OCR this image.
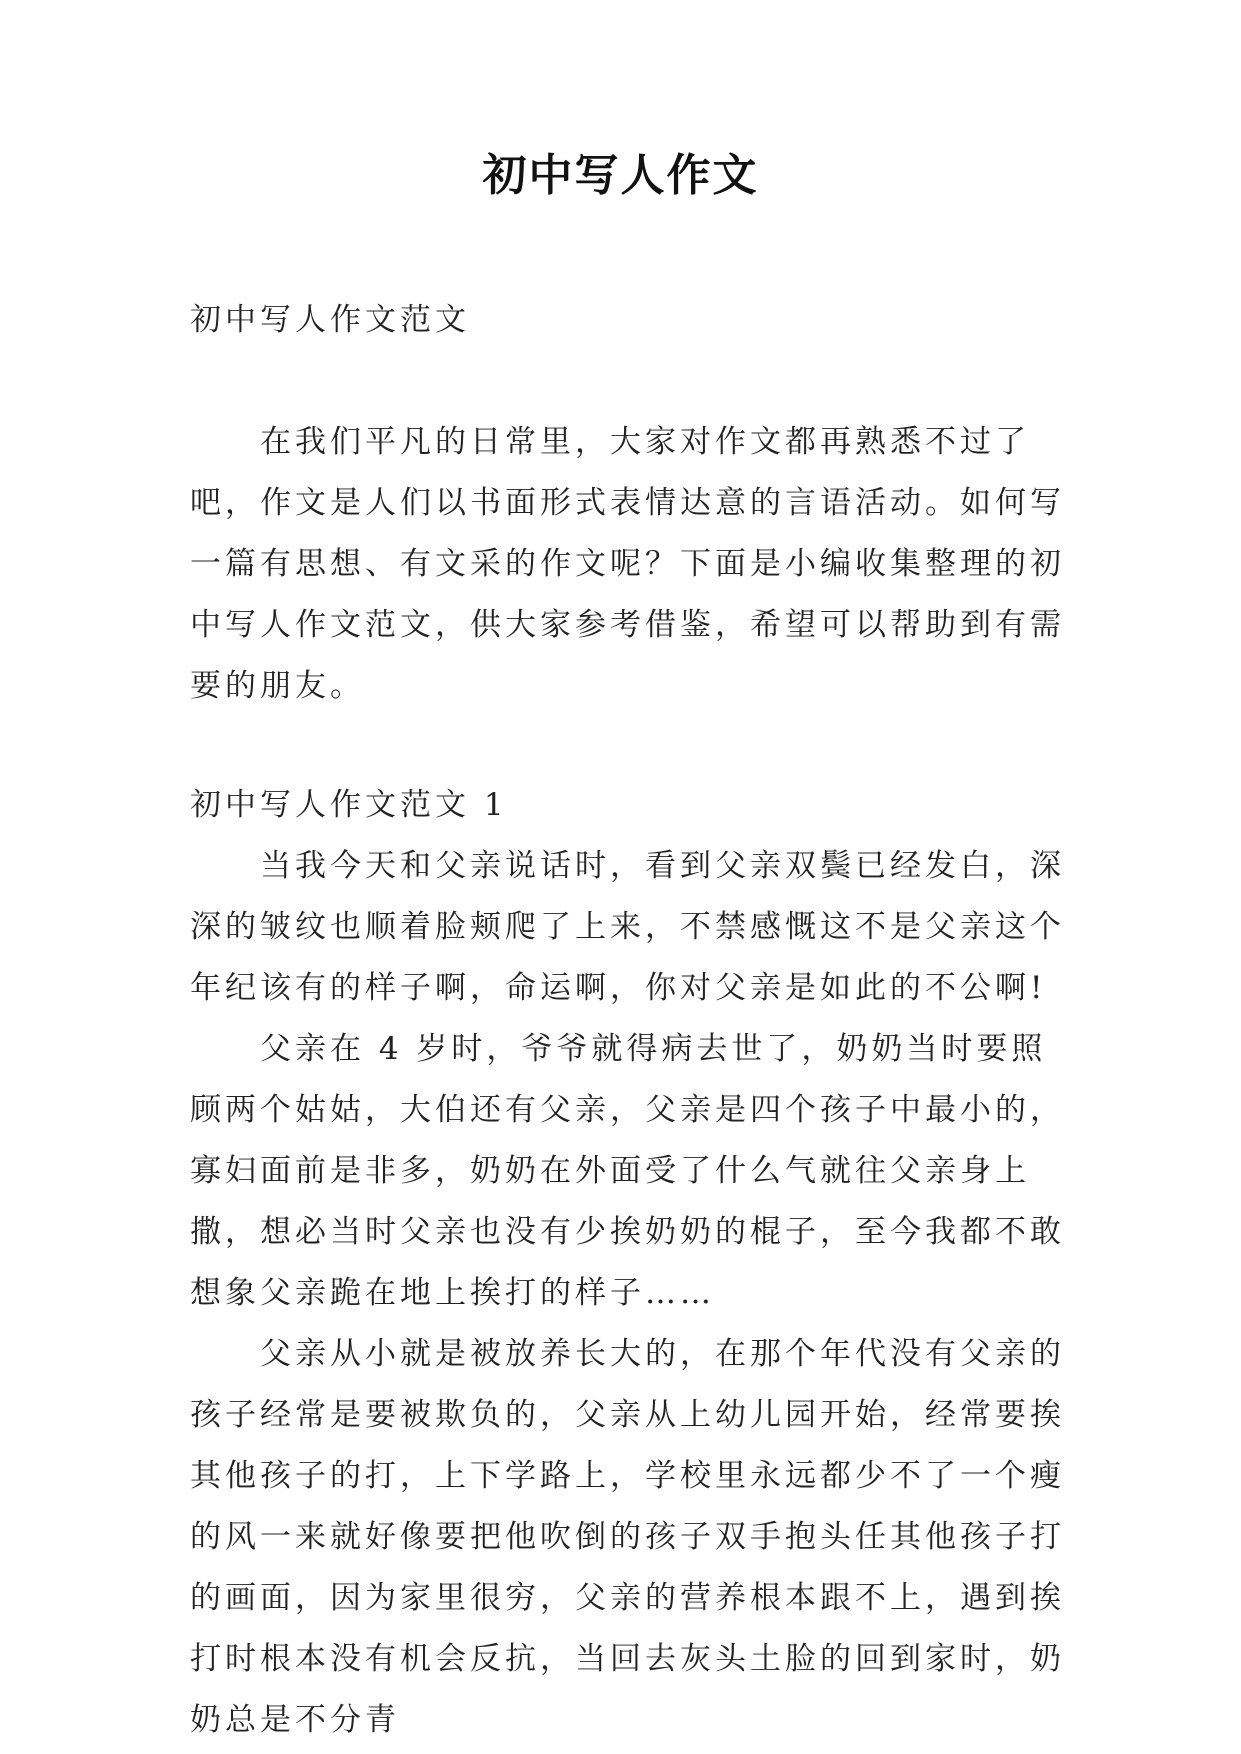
初中写人作文

初中写人作文范文

在我们平凡的日常里，大家对作文都再熟悉不过了吧，作文是人们以书面形式表情达意的言语活动。如何写一篇有思想、有文采的作文呢？下面是小编收集整理的初中写人作文范文，供大家参考借鉴，希望可以帮助到有需要的朋友。

初中写人作文范文 1

当我今天和父亲说话时，看到父亲双鬓已经发白，深深的皱纹也顺着脸颊爬了上来，不禁感慨这不是父亲这个年纪该有的样子啊，命运啊，你对父亲是如此的不公啊!

父亲在 4 岁时，爷爷就得病去世了，奶奶当时要照顾两个姑姑，大伯还有父亲，父亲是四个孩子中最小的，寡妇面前是非多，奶奶在外面受了什么气就往父亲身上撒，想必当时父亲也没有少挨奶奶的棍子，至今我都不敢想象父亲跪在地上挨打的样子……

父亲从小就是被放养长大的，在那个年代没有父亲的孩子经常是要被欺负的，父亲从上幼儿园开始，经常要挨其他孩子的打，上下学路上，学校里永远都少不了一个瘦的风一来就好像要把他吹倒的孩子双手抱头任其他孩子打的画面，因为家里很穷，父亲的营养根本跟不上，遇到挨打时根本没有机会反抗，当回去灰头土脸的回到家时，奶奶总是不分青
